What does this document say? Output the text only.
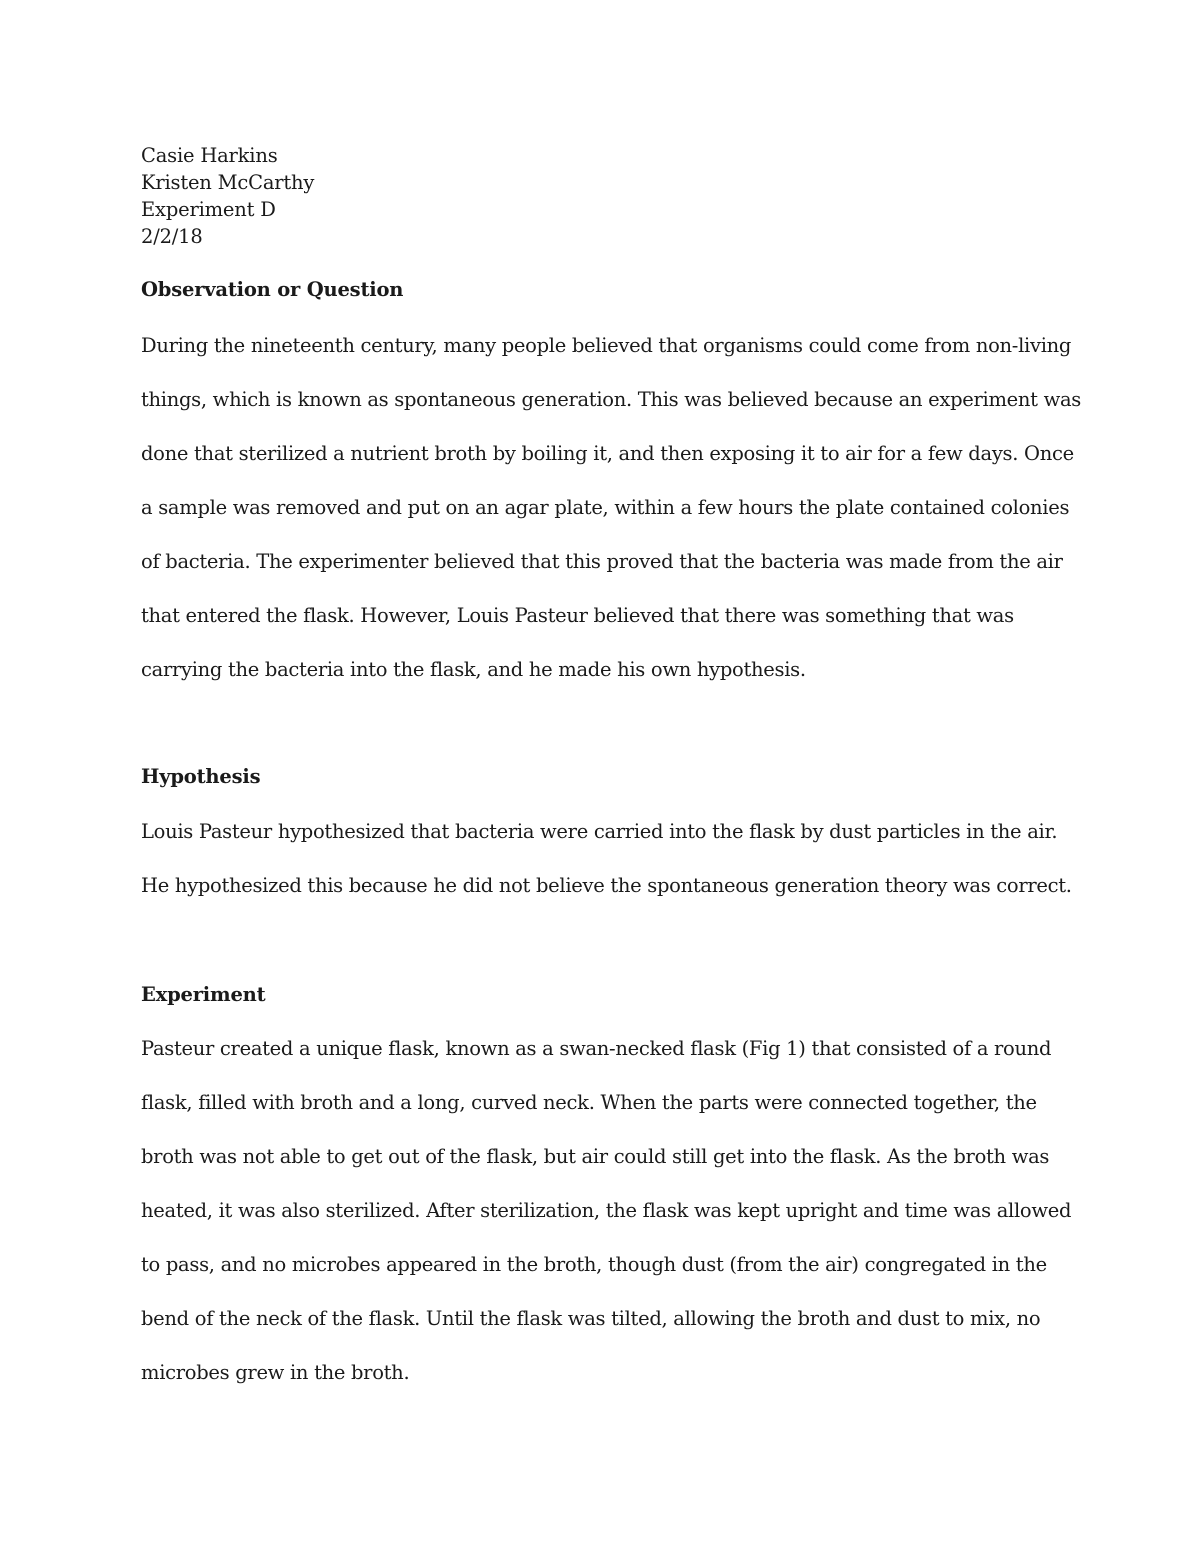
Casie Harkins
Kristen McCarthy
Experiment D
2/2/18
Observation or Question
During the nineteenth century, many people believed that organisms could come from non-living
things, which is known as spontaneous generation. This was believed because an experiment was
done that sterilized a nutrient broth by boiling it, and then exposing it to air for a few days. Once
a sample was removed and put on an agar plate, within a few hours the plate contained colonies
of bacteria. The experimenter believed that this proved that the bacteria was made from the air
that entered the flask. However, Louis Pasteur believed that there was something that was
carrying the bacteria into the flask, and he made his own hypothesis.
Hypothesis
Louis Pasteur hypothesized that bacteria were carried into the flask by dust particles in the air.
He hypothesized this because he did not believe the spontaneous generation theory was correct.
Experiment
Pasteur created a unique flask, known as a swan-necked flask (Fig 1) that consisted of a round
flask, filled with broth and a long, curved neck. When the parts were connected together, the
broth was not able to get out of the flask, but air could still get into the flask. As the broth was
heated, it was also sterilized. After sterilization, the flask was kept upright and time was allowed
to pass, and no microbes appeared in the broth, though dust (from the air) congregated in the
bend of the neck of the flask. Until the flask was tilted, allowing the broth and dust to mix, no
microbes grew in the broth.
